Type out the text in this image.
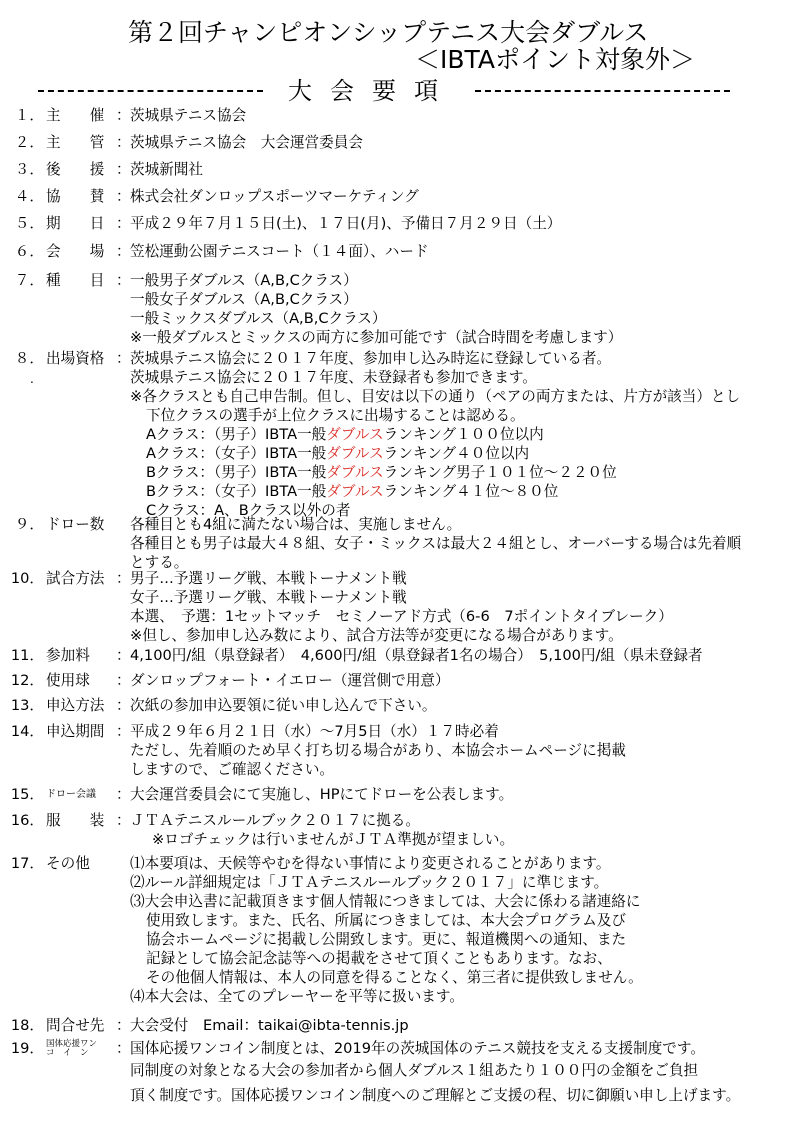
第２回チャンピオンシップテニス大会ダブルス
＜IBTAポイント対象外＞
大会要項
１． 主　　催 ： 茨城県テニス協会
２． 主　　管 ： 茨城県テニス協会　大会運営委員会
３． 後　　援 ： 茨城新聞社
４． 協　　賛 ： 株式会社ダンロップスポーツマーケティング
５． 期　　日 ： 平成２９年７月１５日(土)、１７日(月)、予備日７月２９日（土）
６． 会　　場 ： 笠松運動公園テニスコート（１４面）、ハード
７． 種　　目 ： 一般男子ダブルス（A,B,Cクラス）
一般女子ダブルス（A,B,Cクラス）
一般ミックスダブルス（A,B,Cクラス）
※一般ダブルスとミックスの両方に参加可能です（試合時間を考慮します）
８． 出場資格 ：
.
茨城県テニス協会に２０１７年度、参加申し込み時迄に登録している者。
茨城県テニス協会に２０１７年度、未登録者も参加できます。
※各クラスとも自己申告制。但し、目安は以下の通り（ペアの両方または、片方が該当）とし
下位クラスの選手が上位クラスに出場することは認める。
Aクラス：（男子）IBTA一般ダブルスランキング１００位以内
Aクラス：（女子）IBTA一般ダブルスランキング４０位以内
Bクラス：（男子）IBTA一般ダブルスランキング男子１０１位～２２０位
Bクラス：（女子）IBTA一般ダブルスランキング４１位～８０位
Cクラス：A、Bクラス以外の者
９． ドロー数	各種目とも4組に満たない場合は、実施しません。
各種目とも男子は最大４８組、女子・ミックスは最大２４組とし、オーバーする場合は先着順
とする。
10． 試合方法 ： 男子…予選リーグ戦、本戦トーナメント戦
女子…予選リーグ戦、本戦トーナメント戦
本選、　予選：1セットマッチ　セミノーアド方式（6-6　7ポイントタイブレーク）
※但し、参加申し込み数により、試合方法等が変更になる場合があります。
11． 参加料	： 4,100円/組（県登録者）　4,600円/組（県登録者1名の場合）　5,100円/組（県未登録者
12． 使用球	： ダンロップフォート・イエロー（運営側で用意）
13． 申込方法 ： 次紙の参加申込要領に従い申し込んで下さい。
14． 申込期間 ： 平成２９年６月２１日（水）～7月5日（水）１７時必着
ただし、先着順のため早く打ち切る場合があり、本協会ホームページに掲載
しますので、ご確認ください。
15． ドロー会議	： 大会運営委員会にて実施し、HPにてドローを公表します。
16． 服　　装 ： ＪＴＡテニスルールブック２０１７に拠る。
※ロゴチェックは行いませんがＪＴＡ準拠が望ましい。
17． その他	⑴本要項は、天候等やむを得ない事情により変更されることがあります。
⑵ルール詳細規定は「ＪＴＡテニスルールブック２０１７」に準じます。
⑶大会申込書に記載頂きます個人情報につきましては、大会に係わる諸連絡に
使用致します。また、氏名、所属につきましては、本大会プログラム及び
協会ホームページに掲載し公開致します。更に、報道機関への通知、また
記録として協会記念誌等への掲載をさせて頂くこともあります。なお、
その他個人情報は、本人の同意を得ることなく、第三者に提供致しません。
⑷本大会は、全てのプレーヤーを平等に扱います。
18． 問合せ先 ： 大会受付　Email：taikai@ibta-tennis.jp
19． 国体応援ワン
コ　イ　ン	： 国体応援ワンコイン制度とは、2019年の茨城国体のテニス競技を支える支援制度です。
同制度の対象となる大会の参加者から個人ダブルス１組あたり１００円の金額をご負担
頂く制度です。国体応援ワンコイン制度へのご理解とご支援の程、切に御願い申し上げます。
